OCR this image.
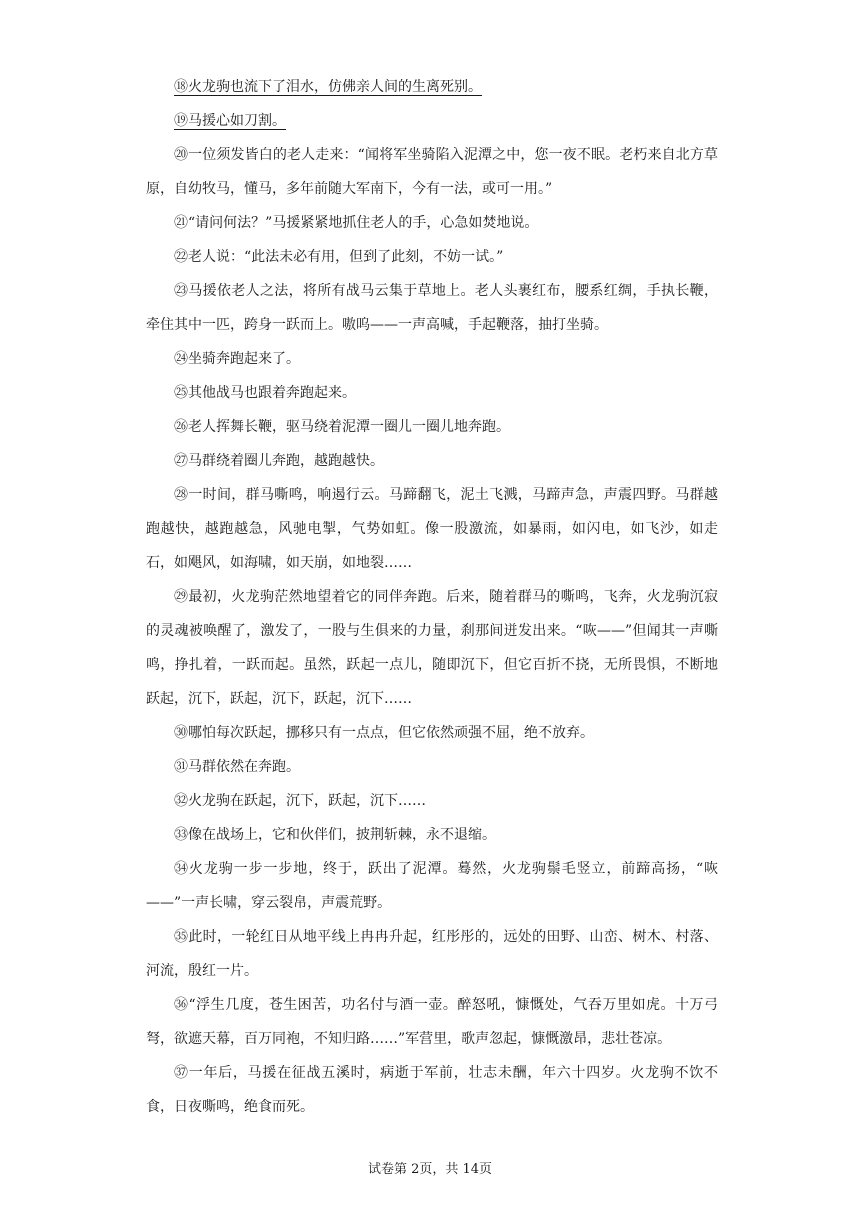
⑱火龙驹也流下了泪水，仿佛亲人间的生离死别。

⑲马援心如刀割。

⑳一位须发皆白的老人走来：“闻将军坐骑陷入泥潭之中，您一夜不眠。老朽来自北方草原，自幼牧马，懂马，多年前随大军南下，今有一法，或可一用。”

㉑“请问何法？”马援紧紧地抓住老人的手，心急如焚地说。

㉒老人说：“此法未必有用，但到了此刻，不妨一试。”

㉓马援依老人之法，将所有战马云集于草地上。老人头裹红布，腰系红绸，手执长鞭，牵住其中一匹，跨身一跃而上。嗷呜——一声高喊，手起鞭落，抽打坐骑。

㉔坐骑奔跑起来了。

㉕其他战马也跟着奔跑起来。

㉖老人挥舞长鞭，驱马绕着泥潭一圈儿一圈儿地奔跑。

㉗马群绕着圈儿奔跑，越跑越快。

㉘一时间，群马嘶鸣，响遏行云。马蹄翻飞，泥土飞溅，马蹄声急，声震四野。马群越跑越快，越跑越急，风驰电掣，气势如虹。像一股激流，如暴雨，如闪电，如飞沙，如走石，如飓风，如海啸，如天崩，如地裂……

㉙最初，火龙驹茫然地望着它的同伴奔跑。后来，随着群马的嘶鸣，飞奔，火龙驹沉寂的灵魂被唤醒了，激发了，一股与生俱来的力量，刹那间迸发出来。“咴——”但闻其一声嘶鸣，挣扎着，一跃而起。虽然，跃起一点儿，随即沉下，但它百折不挠，无所畏惧，不断地跃起，沉下，跃起，沉下，跃起，沉下……

㉚哪怕每次跃起，挪移只有一点点，但它依然顽强不屈，绝不放弃。

㉛马群依然在奔跑。

㉜火龙驹在跃起，沉下，跃起，沉下……

㉝像在战场上，它和伙伴们，披荆斩棘，永不退缩。

㉞火龙驹一步一步地，终于，跃出了泥潭。蓦然，火龙驹鬃毛竖立，前蹄高扬，“咴——”一声长啸，穿云裂帛，声震荒野。

㉟此时，一轮红日从地平线上冉冉升起，红彤彤的，远处的田野、山峦、树木、村落、河流，殷红一片。

㊱“浮生几度，苍生困苦，功名付与酒一壶。醉怒吼，慷慨处，气吞万里如虎。十万弓弩，欲遮天幕，百万同袍，不知归路……”军营里，歌声忽起，慷慨激昂，悲壮苍凉。

㊲一年后，马援在征战五溪时，病逝于军前，壮志未酬，年六十四岁。火龙驹不饮不食，日夜嘶鸣，绝食而死。

试卷第 2页，共 14页
